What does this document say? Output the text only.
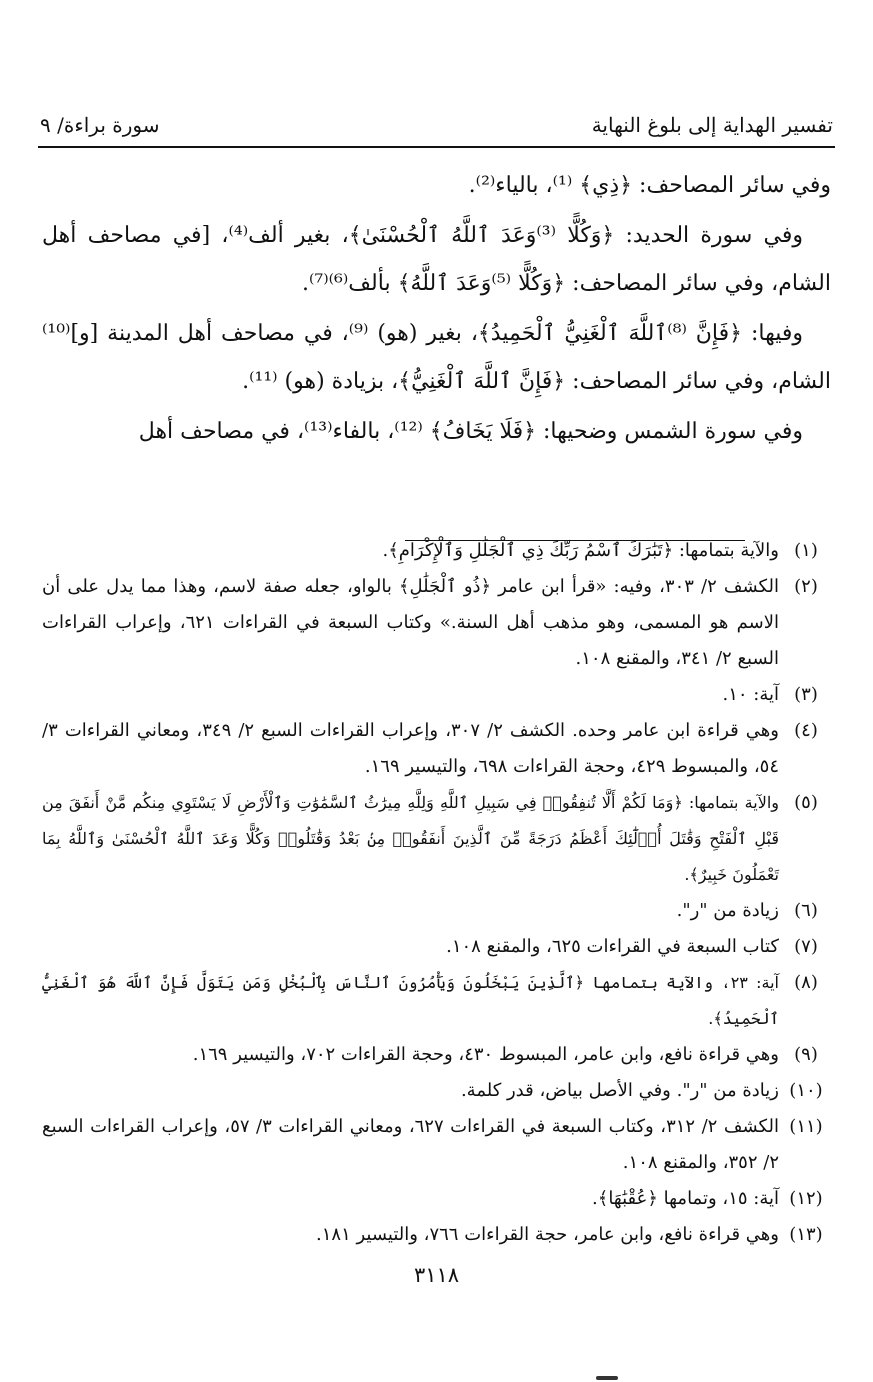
تفسير الهداية إلى بلوغ النهاية
سورة براءة/ ٩

وفي سائر المصاحف: ﴿ذِي﴾ ⁽¹⁾، بالياء⁽²⁾.

وفي سورة الحديد: ﴿وَكُلًّا ⁽³⁾وَعَدَ ٱللَّهُ ٱلْحُسْنَىٰ﴾، بغير ألف⁽⁴⁾، [في مصاحف أهل الشام، وفي سائر المصاحف: ﴿وَكُلًّا ⁽⁵⁾وَعَدَ ٱللَّهُ﴾ بألف⁽⁶⁾⁽⁷⁾.

وفيها: ﴿فَإِنَّ ⁽⁸⁾ٱللَّهَ ٱلْغَنِيُّ ٱلْحَمِيدُ﴾، بغير (هو) ⁽⁹⁾، في مصاحف أهل المدينة [و]⁽¹⁰⁾ الشام، وفي سائر المصاحف: ﴿فَإِنَّ ٱللَّهَ ٱلْغَنِيُّ﴾، بزيادة (هو) ⁽¹¹⁾.

وفي سورة الشمس وضحيها: ﴿فَلَا يَخَافُ﴾ ⁽¹²⁾، بالفاء⁽¹³⁾، في مصاحف أهل

(١)
والآية بتمامها: ﴿تَبَٰرَكَ ٱسْمُ رَبِّكَ ذِي ٱلْجَلَٰلِ وَٱلْإِكْرَامِ﴾.
(٢)
الكشف ٢/ ٣٠٣، وفيه: «قرأ ابن عامر ﴿ذُو ٱلْجَلَٰلِ﴾ بالواو، جعله صفة لاسم، وهذا مما يدل على أن الاسم هو المسمى، وهو مذهب أهل السنة.» وكتاب السبعة في القراءات ٦٢١، وإعراب القراءات السبع ٢/ ٣٤١، والمقنع ١٠٨.
(٣)
آية: ١٠.
(٤)
وهي قراءة ابن عامر وحده. الكشف ٢/ ٣٠٧، وإعراب القراءات السبع ٢/ ٣٤٩، ومعاني القراءات ٣/ ٥٤، والمبسوط ٤٢٩، وحجة القراءات ٦٩٨، والتيسير ١٦٩.
(٥)
والآية بتمامها: ﴿وَمَا لَكُمْ أَلَّا تُنفِقُوا۟ فِي سَبِيلِ ٱللَّهِ وَلِلَّهِ مِيرَٰثُ ٱلسَّمَٰوَٰتِ وَٱلْأَرْضِ لَا يَسْتَوِي مِنكُم مَّنْ أَنفَقَ مِن قَبْلِ ٱلْفَتْحِ وَقَٰتَلَ أُو۟لَٰٓئِكَ أَعْظَمُ دَرَجَةً مِّنَ ٱلَّذِينَ أَنفَقُوا۟ مِنۢ بَعْدُ وَقَٰتَلُوا۟ وَكُلًّا وَعَدَ ٱللَّهُ ٱلْحُسْنَىٰ وَٱللَّهُ بِمَا تَعْمَلُونَ خَبِيرٌ﴾.
(٦)
زيادة من "ر".
(٧)
كتاب السبعة في القراءات ٦٢٥، والمقنع ١٠٨.
(٨)
آية: ٢٣، والآية بتمامها ﴿ٱلَّذِينَ يَبْخَلُونَ وَيَأْمُرُونَ ٱلنَّاسَ بِٱلْبُخْلِ وَمَن يَتَوَلَّ فَإِنَّ ٱللَّهَ هُوَ ٱلْغَنِيُّ ٱلْحَمِيدُ﴾.
(٩)
وهي قراءة نافع، وابن عامر، المبسوط ٤٣٠، وحجة القراءات ٧٠٢، والتيسير ١٦٩.
(١٠)
زيادة من "ر". وفي الأصل بياض، قدر كلمة.
(١١)
الكشف ٢/ ٣١٢، وكتاب السبعة في القراءات ٦٢٧، ومعاني القراءات ٣/ ٥٧، وإعراب القراءات السبع ٢/ ٣٥٢، والمقنع ١٠٨.
(١٢)
آية: ١٥، وتمامها ﴿عُقْبَٰهَا﴾.
(١٣)
وهي قراءة نافع، وابن عامر، حجة القراءات ٧٦٦، والتيسير ١٨١.
٣١١٨
